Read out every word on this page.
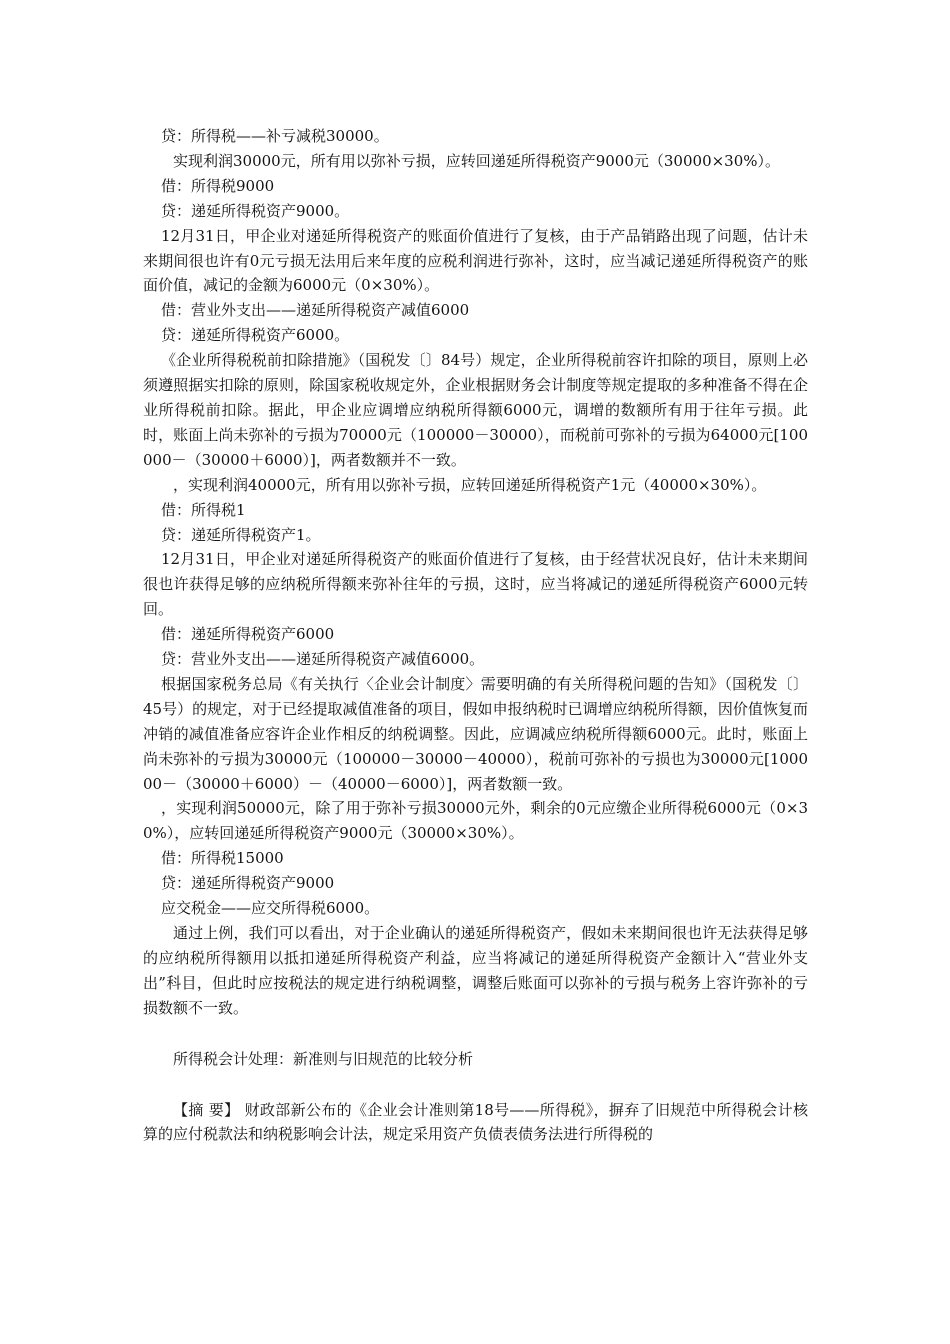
贷：所得税——补亏减税30000。

实现利润30000元，所有用以弥补亏损，应转回递延所得税资产9000元（30000×30%）。

借：所得税9000

贷：递延所得税资产9000。

12月31日，甲企业对递延所得税资产的账面价值进行了复核，由于产品销路出现了问题，估计未来期间很也许有0元亏损无法用后来年度的应税利润进行弥补，这时，应当减记递延所得税资产的账面价值，减记的金额为6000元（0×30%）。

借：营业外支出——递延所得税资产减值6000

贷：递延所得税资产6000。

《企业所得税税前扣除措施》（国税发〔〕84号）规定，企业所得税前容许扣除的项目，原则上必须遵照据实扣除的原则，除国家税收规定外，企业根据财务会计制度等规定提取的多种准备不得在企业所得税前扣除。据此，甲企业应调增应纳税所得额6000元，调增的数额所有用于往年亏损。此时，账面上尚未弥补的亏损为70000元（100000－30000），而税前可弥补的亏损为64000元[100000－（30000＋6000）]，两者数额并不一致。

，实现利润40000元，所有用以弥补亏损，应转回递延所得税资产1元（40000×30%）。

借：所得税1

贷：递延所得税资产1。

12月31日，甲企业对递延所得税资产的账面价值进行了复核，由于经营状况良好，估计未来期间很也许获得足够的应纳税所得额来弥补往年的亏损，这时，应当将减记的递延所得税资产6000元转回。

借：递延所得税资产6000

贷：营业外支出——递延所得税资产减值6000。

根据国家税务总局《有关执行〈企业会计制度〉需要明确的有关所得税问题的告知》（国税发〔〕45号）的规定，对于已经提取减值准备的项目，假如申报纳税时已调增应纳税所得额，因价值恢复而冲销的减值准备应容许企业作相反的纳税调整。因此，应调减应纳税所得额6000元。此时，账面上尚未弥补的亏损为30000元（100000－30000－40000），税前可弥补的亏损也为30000元[100000－（30000＋6000）－（40000－6000）]，两者数额一致。

，实现利润50000元，除了用于弥补亏损30000元外，剩余的0元应缴企业所得税6000元（0×30%），应转回递延所得税资产9000元（30000×30%）。

借：所得税15000

贷：递延所得税资产9000

应交税金——应交所得税6000。

通过上例，我们可以看出，对于企业确认的递延所得税资产，假如未来期间很也许无法获得足够的应纳税所得额用以抵扣递延所得税资产利益，应当将减记的递延所得税资产金额计入“营业外支出”科目，但此时应按税法的规定进行纳税调整，调整后账面可以弥补的亏损与税务上容许弥补的亏损数额不一致。

所得税会计处理：新准则与旧规范的比较分析

【摘 要】 财政部新公布的《企业会计准则第18号——所得税》，摒弃了旧规范中所得税会计核算的应付税款法和纳税影响会计法，规定采用资产负债表债务法进行所得税的
